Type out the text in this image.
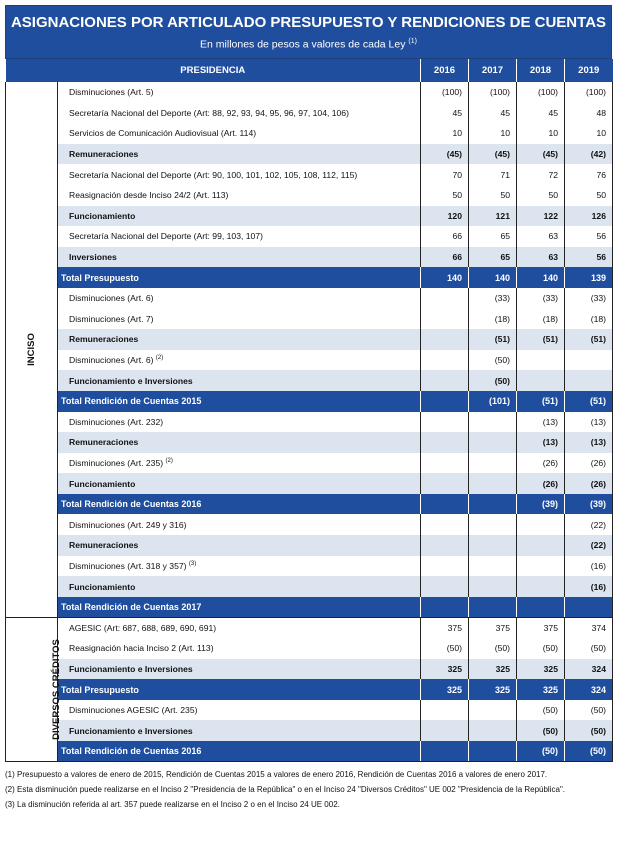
ASIGNACIONES POR ARTICULADO PRESUPUESTO Y RENDICIONES DE CUENTAS
En millones de pesos a valores de cada Ley $^{(1)}$
PRESIDENCIA		2016	2017	2018	2019
INCISO	Disminuciones (Art. 5)	(100)	(100)	(100)	(100)
	Secretaría Nacional del Deporte (Art: 88, 92, 93, 94, 95, 96, 97, 104, 106)	45	45	45	48
	Servicios de Comunicación Audiovisual (Art. 114)	10	10	10	10
	Remuneraciones	(45)	(45)	(45)	(42)
	Secretaría Nacional del Deporte (Art: 90, 100, 101, 102, 105, 108, 112, 115)	70	71	72	76
	Reasignación desde Inciso 24/2 (Art. 113)	50	50	50	50
	Funcionamiento	120	121	122	126
	Secretaría Nacional del Deporte (Art: 99, 103, 107)	66	65	63	56
	Inversiones	66	65	63	56
	Total Presupuesto	140	140	140	139
	Disminuciones (Art. 6)		(33)	(33)	(33)
	Disminuciones (Art. 7)		(18)	(18)	(18)
	Remuneraciones		(51)	(51)	(51)
	Disminuciones (Art. 6) $^{(2)}$		(50)		
	Funcionamiento e Inversiones		(50)		
	Total Rendición de Cuentas 2015		(101)	(51)	(51)
	Disminuciones (Art. 232)			(13)	(13)
	Remuneraciones			(13)	(13)
	Disminuciones (Art. 235) $^{(2)}$			(26)	(26)
	Funcionamiento			(26)	(26)
	Total Rendición de Cuentas 2016			(39)	(39)
	Disminuciones (Art. 249 y 316)				(22)
	Remuneraciones				(22)
	Disminuciones (Art. 318 y 357) $^{(3)}$				(16)
	Funcionamiento				(16)
	Total Rendición de Cuentas 2017				
DIVERSOS CRÉDITOS	AGESIC (Art: 687, 688, 689, 690, 691)	375	375	375	374
	Reasignación hacia Inciso 2 (Art. 113)	(50)	(50)	(50)	(50)
	Funcionamiento e Inversiones	325	325	325	324
	Total Presupuesto	325	325	325	324
	Disminuciones AGESIC (Art. 235)			(50)	(50)
	Funcionamiento e Inversiones			(50)	(50)
	Total Rendición de Cuentas 2016			(50)	(50)

(1) Presupuesto a valores de enero de 2015, Rendición de Cuentas 2015 a valores de enero 2016, Rendición de Cuentas 2016 a valores de enero 2017.

(2) Esta disminución puede realizarse en el Inciso 2 "Presidencia de la República" o en el Inciso 24 "Diversos Créditos" UE 002 "Presidencia de la República".

(3) La disminución referida al art. 357 puede realizarse en el Inciso 2 o en el Inciso 24 UE 002.
